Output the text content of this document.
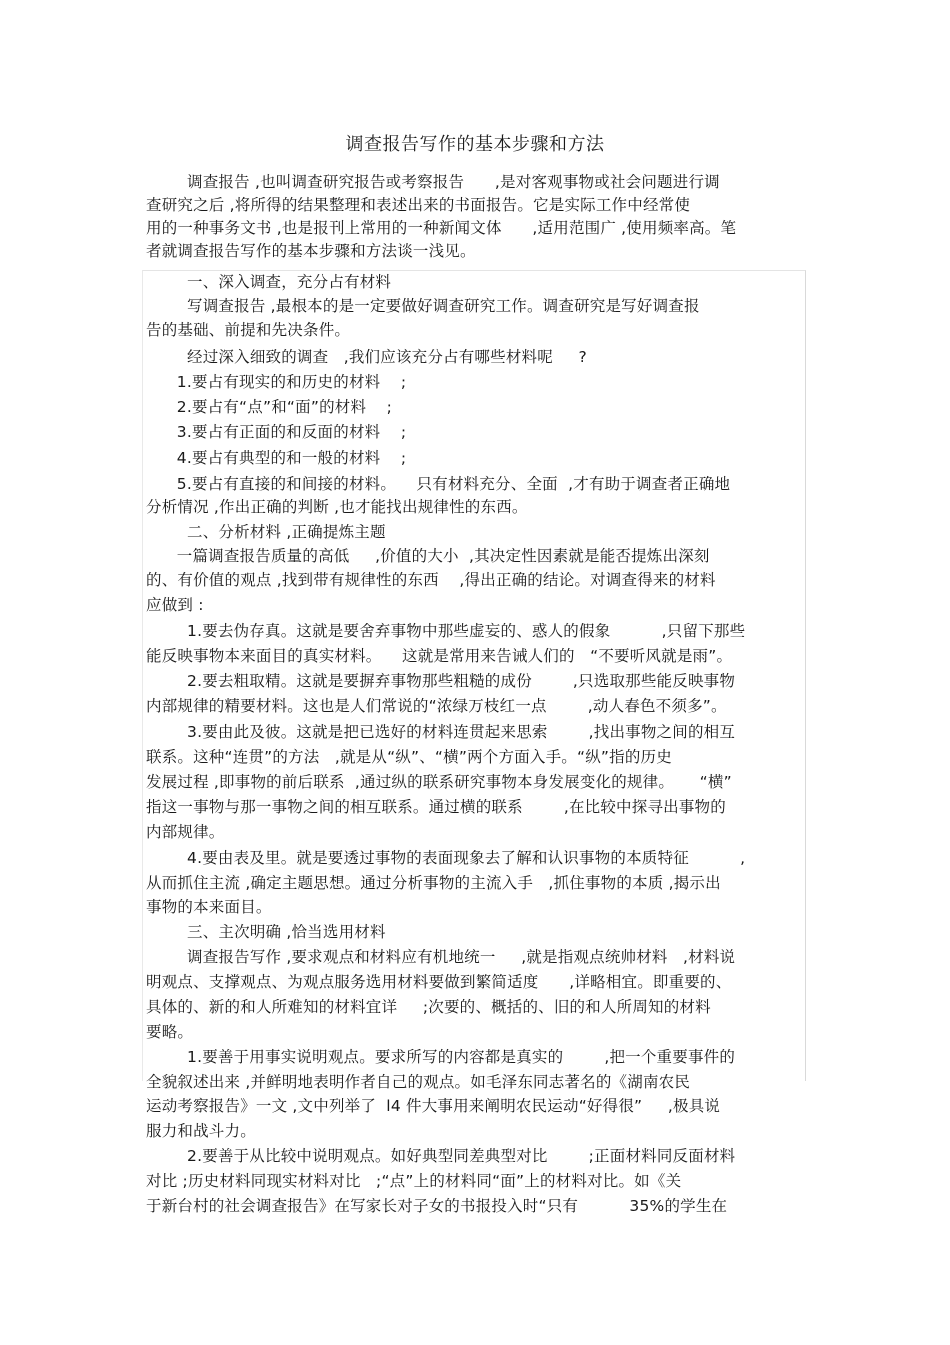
调查报告写作的基本步骤和方法
调查报告 ,也叫调查研究报告或考察报告      ,是对客观事物或社会问题进行调
查研究之后 ,将所得的结果整理和表述出来的书面报告。它是实际工作中经常使
用的一种事务文书 ,也是报刊上常用的一种新闻文体      ,适用范围广 ,使用频率高。笔
者就调查报告写作的基本步骤和方法谈一浅见。
一、深入调查，充分占有材料
写调查报告 ,最根本的是一定要做好调查研究工作。调查研究是写好调查报
告的基础、前提和先决条件。
经过深入细致的调查   ,我们应该充分占有哪些材料呢     ?
1.要占有现实的和历史的材料    ;
2.要占有“点”和“面”的材料    ;
3.要占有正面的和反面的材料    ;
4.要占有典型的和一般的材料    ;
5.要占有直接的和间接的材料。    只有材料充分、全面  ,才有助于调查者正确地
分析情况 ,作出正确的判断 ,也才能找出规律性的东西。
二、分析材料 ,正确提炼主题
一篇调查报告质量的高低     ,价值的大小  ,其决定性因素就是能否提炼出深刻
的、有价值的观点 ,找到带有规律性的东西    ,得出正确的结论。对调查得来的材料
应做到 :
1.要去伪存真。这就是要舍弃事物中那些虚妄的、惑人的假象          ,只留下那些
能反映事物本来面目的真实材料。    这就是常用来告诫人们的   “不要听风就是雨”。
2.要去粗取精。这就是要摒弃事物那些粗糙的成份        ,只选取那些能反映事物
内部规律的精要材料。这也是人们常说的“浓绿万枝红一点        ,动人春色不须多”。
3.要由此及彼。这就是把已选好的材料连贯起来思索        ,找出事物之间的相互
联系。这种“连贯”的方法   ,就是从“纵”、“横”两个方面入手。“纵”指的历史
发展过程 ,即事物的前后联系  ,通过纵的联系研究事物本身发展变化的规律。     “横”
指这一事物与那一事物之间的相互联系。通过横的联系        ,在比较中探寻出事物的
内部规律。
4.要由表及里。就是要透过事物的表面现象去了解和认识事物的本质特征          ,
从而抓住主流 ,确定主题思想。通过分析事物的主流入手   ,抓住事物的本质 ,揭示出
事物的本来面目。
三、主次明确 ,恰当选用材料
调查报告写作 ,要求观点和材料应有机地统一     ,就是指观点统帅材料   ,材料说
明观点、支撑观点、为观点服务选用材料要做到繁简适度      ,详略相宜。即重要的、
具体的、新的和人所难知的材料宜详     ;次要的、概括的、旧的和人所周知的材料
要略。
1.要善于用事实说明观点。要求所写的内容都是真实的        ,把一个重要事件的
全貌叙述出来 ,并鲜明地表明作者自己的观点。如毛泽东同志著名的《湖南农民
运动考察报告》一文 ,文中列举了  l4 件大事用来阐明农民运动“好得很”     ,极具说
服力和战斗力。
2.要善于从比较中说明观点。如好典型同差典型对比        ;正面材料同反面材料
对比 ;历史材料同现实材料对比   ;“点”上的材料同“面”上的材料对比。如《关
于新台村的社会调查报告》在写家长对子女的书报投入时“只有          35%的学生在
